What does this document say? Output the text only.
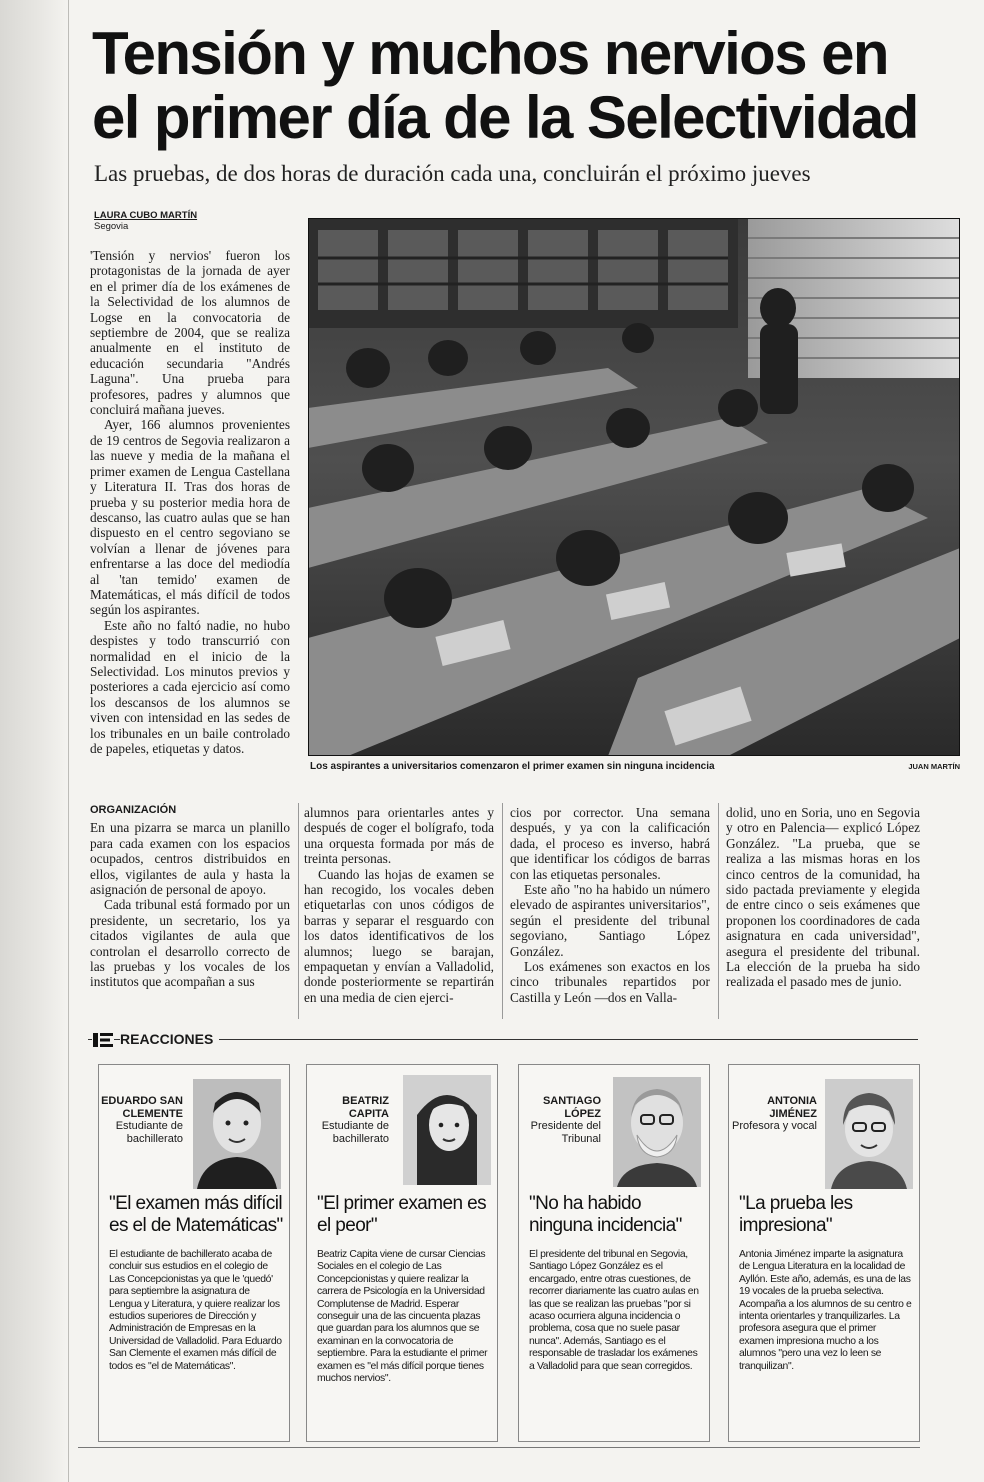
Tensión y muchos nervios en
el primer día de la Selectividad

Las pruebas, de dos horas de duración cada una, concluirán el próximo jueves

LAURA CUBO MARTÍN
Segovia

'Tensión y nervios' fueron los protagonistas de la jornada de ayer en el primer día de los exámenes de la Selectividad de los alumnos de Logse en la convocatoria de septiembre de 2004, que se realiza anualmente en el instituto de educación secundaria "Andrés Laguna". Una prueba para profesores, padres y alumnos que concluirá mañana jueves.

Ayer, 166 alumnos provenientes de 19 centros de Segovia realizaron a las nueve y media de la mañana el primer examen de Lengua Castellana y Literatura II. Tras dos horas de prueba y su posterior media hora de descanso, las cuatro aulas que se han dispuesto en el centro segoviano se volvían a llenar de jóvenes para enfrentarse a las doce del mediodía al 'tan temido' examen de Matemáticas, el más difícil de todos según los aspirantes.

Este año no faltó nadie, no hubo despistes y todo transcurrió con normalidad en el inicio de la Selectividad. Los minutos previos y posteriores a cada ejercicio así como los descansos de los alumnos se viven con intensidad en las sedes de los tribunales en un baile controlado de papeles, etiquetas y datos.

Los aspirantes a universitarios comenzaron el primer examen sin ninguna incidencia	JUAN MARTÍN
ORGANIZACIÓN

En una pizarra se marca un planillo para cada examen con los espacios ocupados, centros distribuidos en ellos, vigilantes de aula y hasta la asignación de personal de apoyo.

Cada tribunal está formado por un presidente, un secretario, los ya citados vigilantes de aula que controlan el desarrollo correcto de las pruebas y los vocales de los institutos que acompañan a sus

alumnos para orientarles antes y después de coger el bolígrafo, toda una orquesta formada por más de treinta personas.

Cuando las hojas de examen se han recogido, los vocales deben etiquetarlas con unos códigos de barras y separar el resguardo con los datos identificativos de los alumnos; luego se barajan, empaquetan y envían a Valladolid, donde posteriormente se repartirán en una media de cien ejerci-

cios por corrector. Una semana después, y ya con la calificación dada, el proceso es inverso, habrá que identificar los códigos de barras con las etiquetas personales.

Este año "no ha habido un número elevado de aspirantes universitarios", según el presidente del tribunal segoviano, Santiago López González.

Los exámenes son exactos en los cinco tribunales repartidos por Castilla y León —dos en Valla-

dolid, uno en Soria, uno en Segovia y otro en Palencia— explicó López González. "La prueba, que se realiza a las mismas horas en los cinco centros de la comunidad, ha sido pactada previamente y elegida de entre cinco o seis exámenes que proponen los coordinadores de cada asignatura en cada universidad", asegura el presidente del tribunal. La elección de la prueba ha sido realizada el pasado mes de junio.

REACCIONES
EDUARDO SAN CLEMENTE
Estudiante de bachillerato

"El examen más difícil es el de Matemáticas"

El estudiante de bachillerato acaba de concluir sus estudios en el colegio de Las Concepcionistas ya que le 'quedó' para septiembre la asignatura de Lengua y Literatura, y quiere realizar los estudios superiores de Dirección y Administración de Empresas en la Universidad de Valladolid. Para Eduardo San Clemente el examen más difícil de todos es "el de Matemáticas".

BEATRIZ CAPITA
Estudiante de bachillerato

"El primer examen es el peor"

Beatriz Capita viene de cursar Ciencias Sociales en el colegio de Las Concepcionistas y quiere realizar la carrera de Psicología en la Universidad Complutense de Madrid. Esperar conseguir una de las cincuenta plazas que guardan para los alumnos que se examinan en la convocatoria de septiembre. Para la estudiante el primer examen es "el más difícil porque tienes muchos nervios".

SANTIAGO LÓPEZ
Presidente del Tribunal

"No ha habido ninguna incidencia"

El presidente del tribunal en Segovia, Santiago López González es el encargado, entre otras cuestiones, de recorrer diariamente las cuatro aulas en las que se realizan las pruebas "por si acaso ocurriera alguna incidencia o problema, cosa que no suele pasar nunca". Además, Santiago es el responsable de trasladar los exámenes a Valladolid para que sean corregidos.

ANTONIA JIMÉNEZ
Profesora y vocal

"La prueba les impresiona"

Antonia Jiménez imparte la asignatura de Lengua Literatura en la localidad de Ayllón. Este año, además, es una de las 19 vocales de la prueba selectiva. Acompaña a los alumnos de su centro e intenta orientarles y tranquilizarles. La profesora asegura que el primer examen impresiona mucho a los alumnos "pero una vez lo leen se tranquilizan".
